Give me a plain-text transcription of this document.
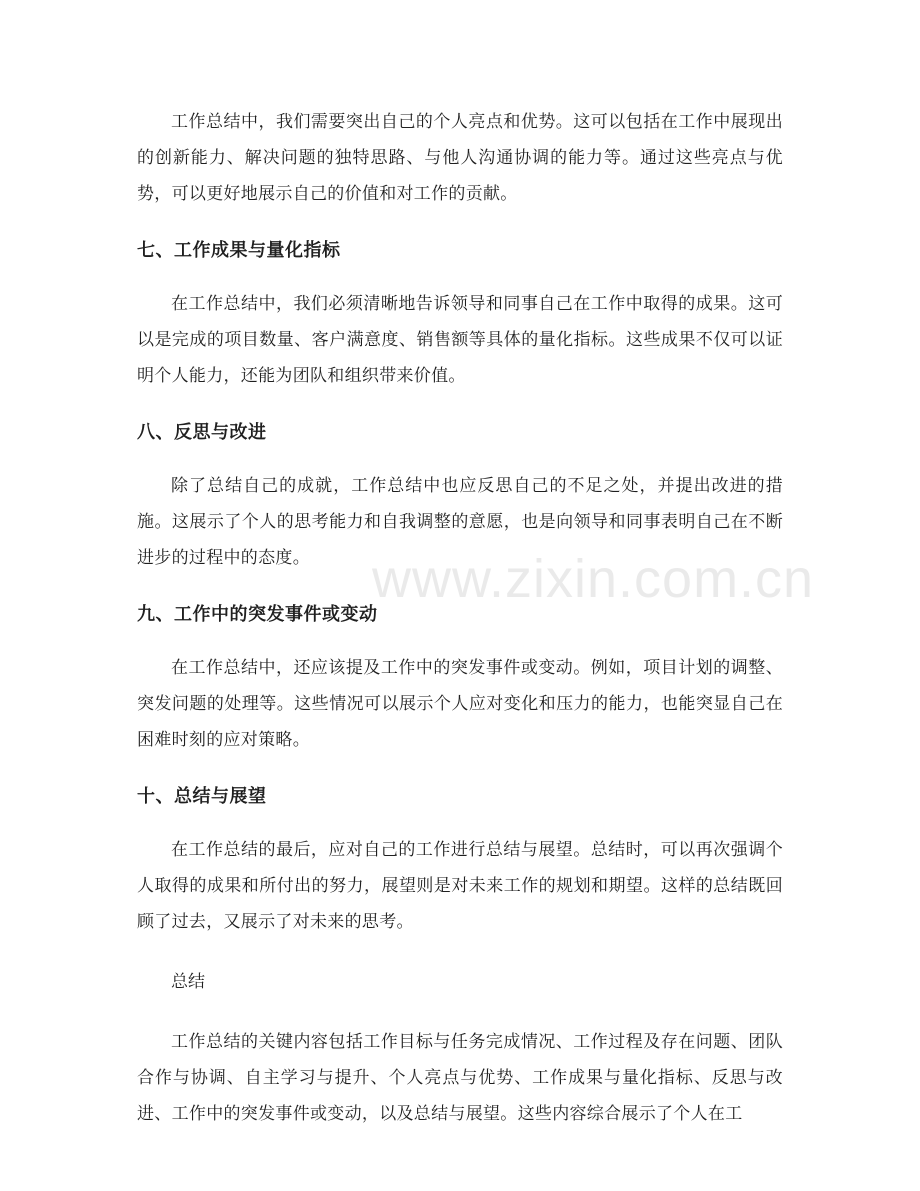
工作总结中，我们需要突出自己的个人亮点和优势。这可以包括在工作中展现出的创新能力、解决问题的独特思路、与他人沟通协调的能力等。通过这些亮点与优势，可以更好地展示自己的价值和对工作的贡献。

七、工作成果与量化指标

在工作总结中，我们必须清晰地告诉领导和同事自己在工作中取得的成果。这可以是完成的项目数量、客户满意度、销售额等具体的量化指标。这些成果不仅可以证明个人能力，还能为团队和组织带来价值。

八、反思与改进

除了总结自己的成就，工作总结中也应反思自己的不足之处，并提出改进的措施。这展示了个人的思考能力和自我调整的意愿，也是向领导和同事表明自己在不断进步的过程中的态度。

九、工作中的突发事件或变动

在工作总结中，还应该提及工作中的突发事件或变动。例如，项目计划的调整、突发问题的处理等。这些情况可以展示个人应对变化和压力的能力，也能突显自己在困难时刻的应对策略。

十、总结与展望

在工作总结的最后，应对自己的工作进行总结与展望。总结时，可以再次强调个人取得的成果和所付出的努力，展望则是对未来工作的规划和期望。这样的总结既回顾了过去，又展示了对未来的思考。

总结

工作总结的关键内容包括工作目标与任务完成情况、工作过程及存在问题、团队合作与协调、自主学习与提升、个人亮点与优势、工作成果与量化指标、反思与改进、工作中的突发事件或变动，以及总结与展望。这些内容综合展示了个人在工

www.zixin.com.cn
